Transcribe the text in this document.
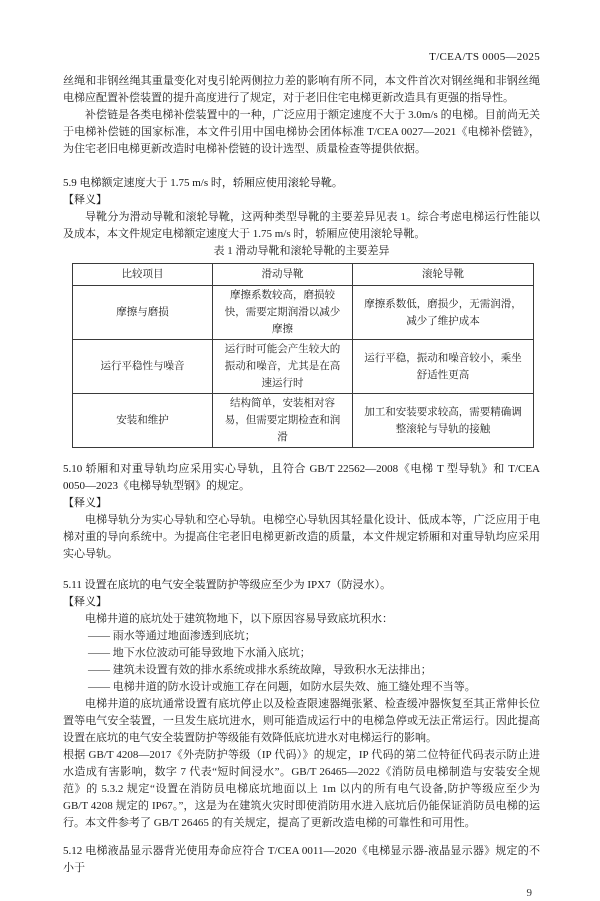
T/CEA/TS 0005—2025

丝绳和非钢丝绳其重量变化对曳引轮两侧拉力差的影响有所不同，本文件首次对钢丝绳和非钢丝绳电梯应配置补偿装置的提升高度进行了规定，对于老旧住宅电梯更新改造具有更强的指导性。

补偿链是各类电梯补偿装置中的一种，广泛应用于额定速度不大于 3.0m/s 的电梯。目前尚无关于电梯补偿链的国家标准，本文件引用中国电梯协会团体标准 T/CEA 0027—2021《电梯补偿链》，为住宅老旧电梯更新改造时电梯补偿链的设计选型、质量检查等提供依据。

5.9 电梯额定速度大于 1.75 m/s 时，轿厢应使用滚轮导靴。

【释义】

导靴分为滑动导靴和滚轮导靴，这两种类型导靴的主要差异见表 1。综合考虑电梯运行性能以及成本，本文件规定电梯额定速度大于 1.75 m/s 时，轿厢应使用滚轮导靴。

表 1 滑动导靴和滚轮导靴的主要差异

比较项目	滑动导靴	滚轮导靴
摩擦与磨损	摩擦系数较高，磨损较快，需要定期润滑以减少摩擦	摩擦系数低，磨损少，无需润滑，减少了维护成本
运行平稳性与噪音	运行时可能会产生较大的振动和噪音，尤其是在高速运行时	运行平稳，振动和噪音较小，乘坐舒适性更高
安装和维护	结构简单，安装相对容易，但需要定期检查和润滑	加工和安装要求较高，需要精确调整滚轮与导轨的接触

5.10 轿厢和对重导轨均应采用实心导轨，且符合 GB/T 22562—2008《电梯 T 型导轨》和 T/CEA 0050—2023《电梯导轨型钢》的规定。

【释义】

电梯导轨分为实心导轨和空心导轨。电梯空心导轨因其轻量化设计、低成本等，广泛应用于电梯对重的导向系统中。为提高住宅老旧电梯更新改造的质量，本文件规定轿厢和对重导轨均应采用实心导轨。

5.11 设置在底坑的电气安全装置防护等级应至少为 IPX7（防浸水）。

【释义】

电梯井道的底坑处于建筑物地下，以下原因容易导致底坑积水：

—— 雨水等通过地面渗透到底坑；

—— 地下水位波动可能导致地下水涌入底坑；

—— 建筑未设置有效的排水系统或排水系统故障，导致积水无法排出；

—— 电梯井道的防水设计或施工存在问题，如防水层失效、施工缝处理不当等。

电梯井道的底坑通常设置有底坑停止以及检查限速器绳张紧、检查缓冲器恢复至其正常伸长位置等电气安全装置，一旦发生底坑进水，则可能造成运行中的电梯急停或无法正常运行。因此提高设置在底坑的电气安全装置防护等级能有效降低底坑进水对电梯运行的影响。

根据 GB/T 4208—2017《外壳防护等级（IP 代码）》的规定，IP 代码的第二位特征代码表示防止进水造成有害影响，数字 7 代表“短时间浸水”。GB/T 26465—2022《消防员电梯制造与安装安全规范》的 5.3.2 规定“设置在消防员电梯底坑地面以上 1m 以内的所有电气设备,防护等级应至少为 GB/T 4208 规定的 IP67。”，这是为在建筑火灾时即使消防用水进入底坑后仍能保证消防员电梯的运行。本文件参考了 GB/T 26465 的有关规定，提高了更新改造电梯的可靠性和可用性。

5.12 电梯液晶显示器背光使用寿命应符合 T/CEA 0011—2020《电梯显示器-液晶显示器》规定的不小于

9
